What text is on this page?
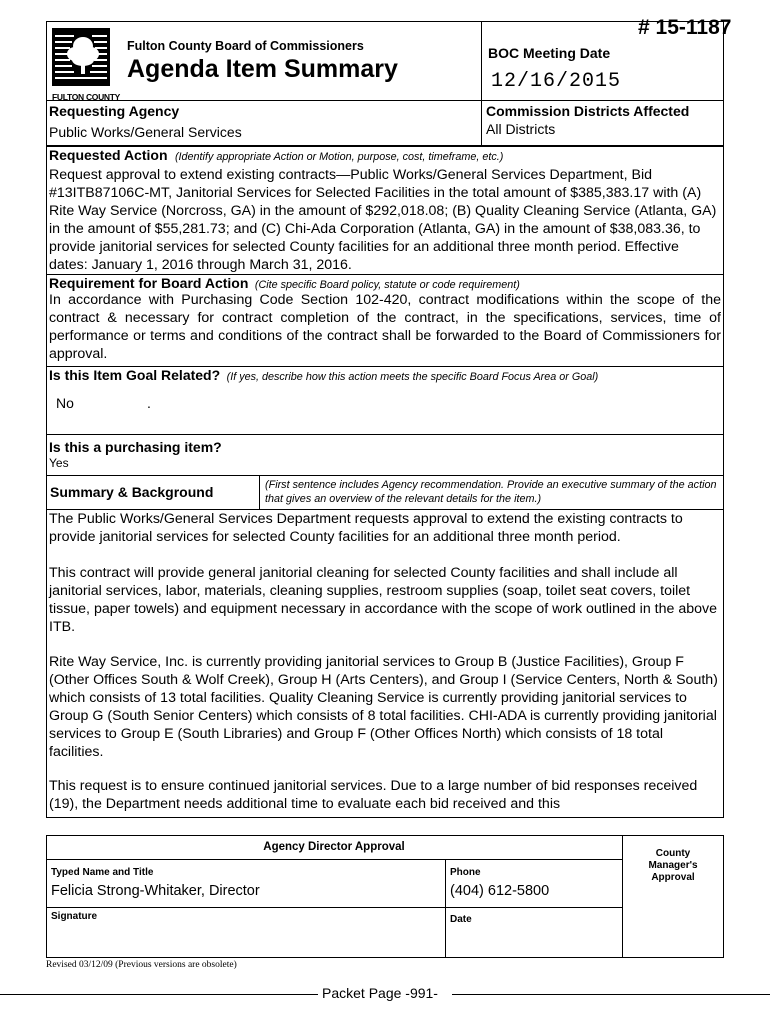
# 15-1187
FULTON COUNTY
Fulton County Board of Commissioners
Agenda Item Summary
BOC Meeting Date
12/16/2015
Requesting Agency
Public Works/General Services
Commission Districts Affected
All Districts
Requested Action (Identify appropriate Action or Motion, purpose, cost, timeframe, etc.)
Request approval to extend existing contracts—Public Works/General Services Department, Bid #13ITB87106C-MT, Janitorial Services for Selected Facilities in the total amount of $385,383.17 with (A) Rite Way Service (Norcross, GA) in the amount of $292,018.08; (B) Quality Cleaning Service (Atlanta, GA) in the amount of $55,281.73; and (C) Chi-Ada Corporation (Atlanta, GA) in the amount of $38,083.36, to provide janitorial services for selected County facilities for an additional three month period. Effective dates: January 1, 2016 through March 31, 2016.
Requirement for Board Action (Cite specific Board policy, statute or code requirement)
In accordance with Purchasing Code Section 102-420, contract modifications within the scope of the contract & necessary for contract completion of the contract, in the specifications, services, time of performance or terms and conditions of the contract shall be forwarded to the Board of Commissioners for approval.
Is this Item Goal Related? (If yes, describe how this action meets the specific Board Focus Area or Goal)
No	.
Is this a purchasing item?
Yes
Summary & Background	(First sentence includes Agency recommendation. Provide an executive summary of the action that gives an overview of the relevant details for the item.)
The Public Works/General Services Department requests approval to extend the existing contracts to provide janitorial services for selected County facilities for an additional three month period.
This contract will provide general janitorial cleaning for selected County facilities and shall include all janitorial services, labor, materials, cleaning supplies, restroom supplies (soap, toilet seat covers, toilet tissue, paper towels) and equipment necessary in accordance with the scope of work outlined in the above ITB.
Rite Way Service, Inc. is currently providing janitorial services to Group B (Justice Facilities), Group F (Other Offices South & Wolf Creek), Group H (Arts Centers), and Group I (Service Centers, North & South) which consists of 13 total facilities. Quality Cleaning Service is currently providing janitorial services to Group G (South Senior Centers) which consists of 8 total facilities. CHI-ADA is currently providing janitorial services to Group E (South Libraries) and Group F (Other Offices North) which consists of 18 total facilities.
This request is to ensure continued janitorial services. Due to a large number of bid responses received (19), the Department needs additional time to evaluate each bid received and this
Agency Director Approval
Typed Name and Title
Felicia Strong-Whitaker, Director
Phone
(404) 612-5800
Signature	Date
County Manager's Approval
Revised 03/12/09 (Previous versions are obsolete)
Packet Page -991-
